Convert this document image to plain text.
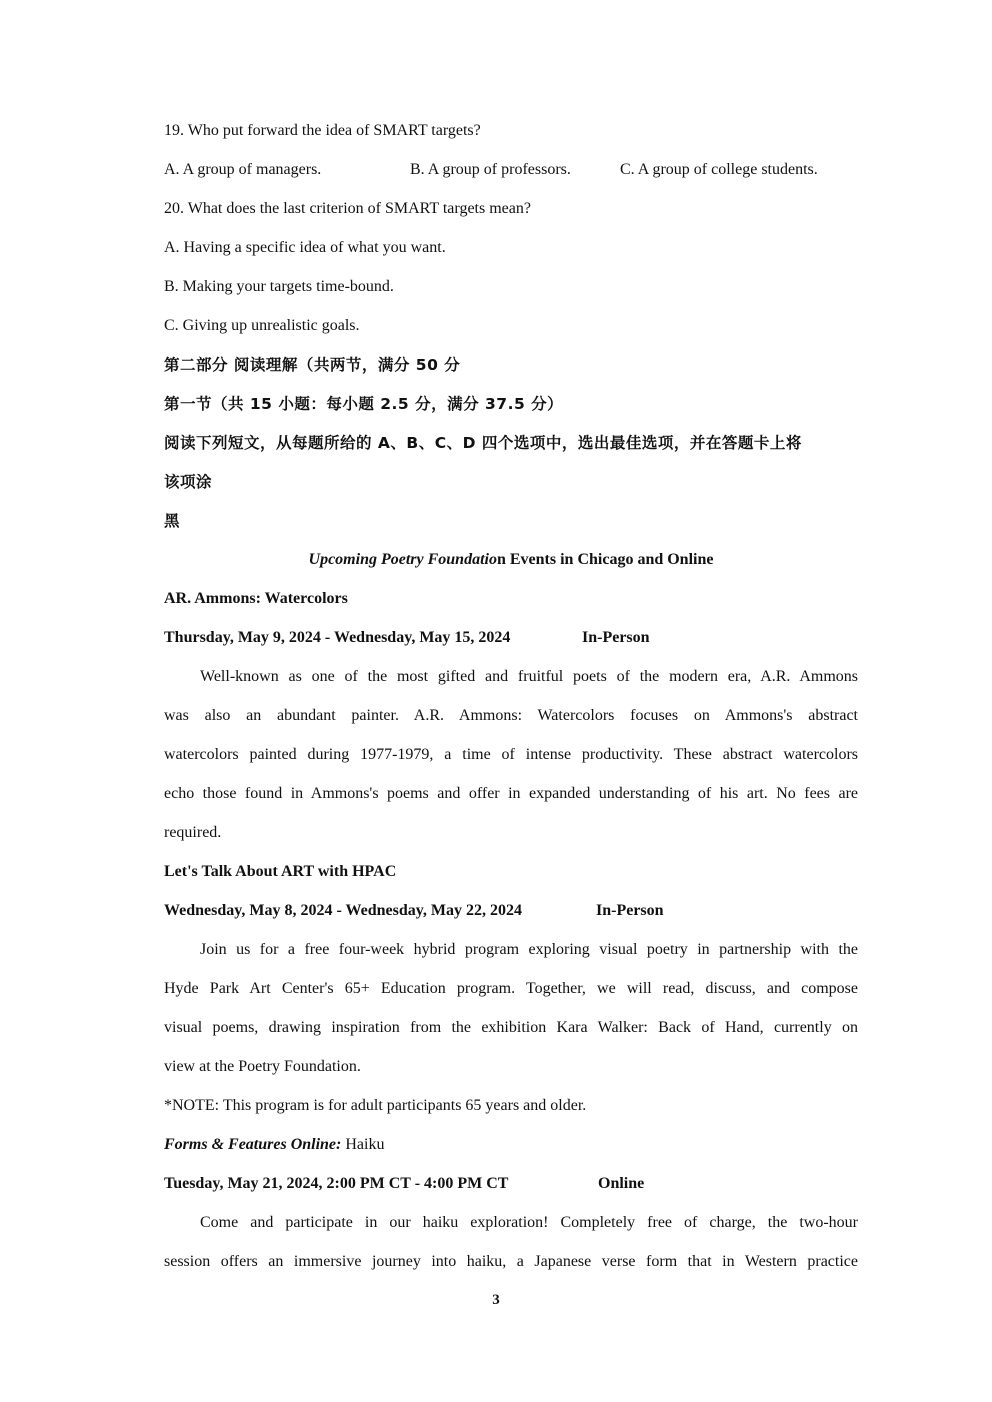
19. Who put forward the idea of SMART targets?
A. A group of managers.	B. A group of professors.	C. A group of college students.
20. What does the last criterion of SMART targets mean?
A. Having a specific idea of what you want.
B. Making your targets time-bound.
C. Giving up unrealistic goals.
第二部分 阅读理解（共两节，满分 50 分
第一节（共 15 小题：每小题 2.5 分，满分 37.5 分）
阅读下列短文，从每题所给的 A、B、C、D 四个选项中，选出最佳选项，并在答题卡上将
该项涂
黑
Upcoming Poetry Foundation Events in Chicago and Online
AR. Ammons: Watercolors
Thursday, May 9, 2024 - Wednesday, May 15, 2024	In-Person
Well-known as one of the most gifted and fruitful poets of the modern era, A.R. Ammons
was also an abundant painter. A.R. Ammons: Watercolors focuses on Ammons's abstract
watercolors painted during 1977-1979, a time of intense productivity. These abstract watercolors
echo those found in Ammons's poems and offer in expanded understanding of his art. No fees are
required.
Let's Talk About ART with HPAC
Wednesday, May 8, 2024 - Wednesday, May 22, 2024	In-Person
Join us for a free four-week hybrid program exploring visual poetry in partnership with the
Hyde Park Art Center's 65+ Education program. Together, we will read, discuss, and compose
visual poems, drawing inspiration from the exhibition Kara Walker: Back of Hand, currently on
view at the Poetry Foundation.
*NOTE: This program is for adult participants 65 years and older.
Forms & Features Online: Haiku
Tuesday, May 21, 2024, 2:00 PM CT - 4:00 PM CT	Online
Come and participate in our haiku exploration! Completely free of charge, the two-hour
session offers an immersive journey into haiku, a Japanese verse form that in Western practice
3
